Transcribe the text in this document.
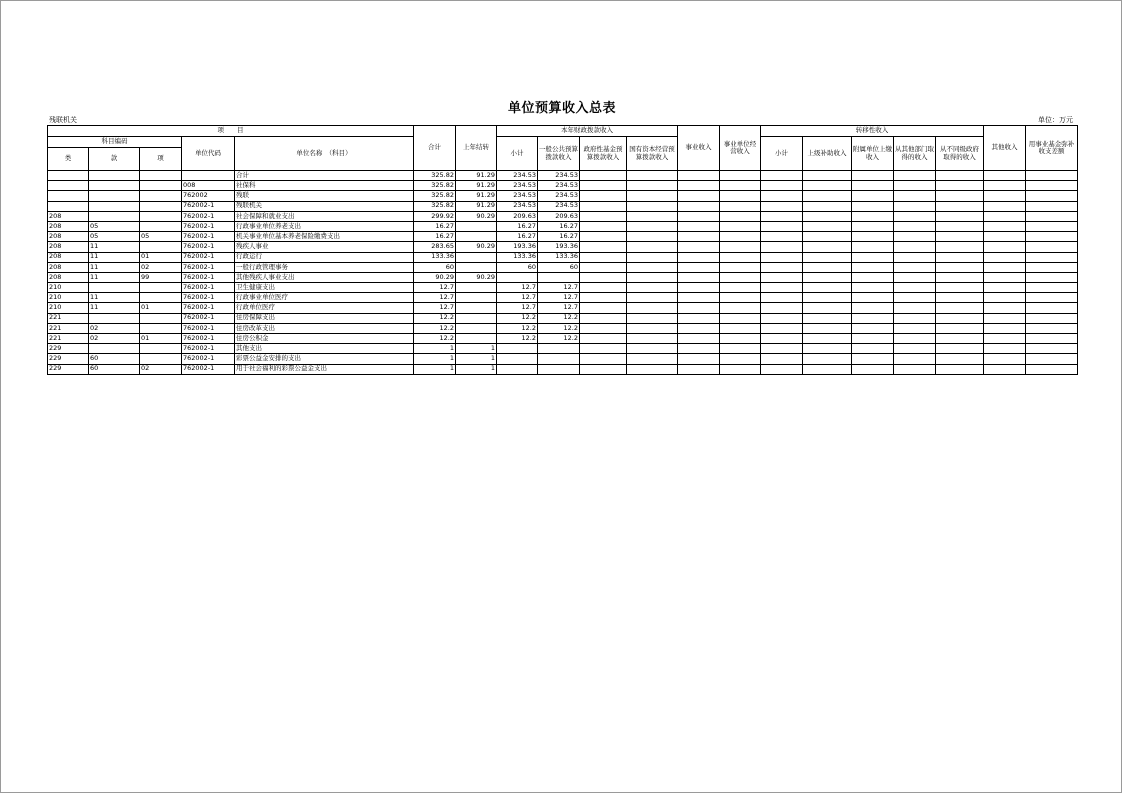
单位预算收入总表
残联机关	单位：万元
项　　目					合计	上年结转	本年财政拨款收入				事业收入	事业单位经营收入	转移性收入					其他收入	用事业基金弥补收支差额
科目编码			单位代码	单位名称　（科目）			小计	一般公共预算拨款收入	政府性基金预算拨款收入	国有资本经营预算拨款收入			小计	上级补助收入	附属单位上缴收入	从其他部门取得的收入	从不同级政府取得的收入		
类	款	项																	
				合计	325.82	91.29	234.53	234.53											
			008	社保科	325.82	91.29	234.53	234.53											
			762002	残联	325.82	91.29	234.53	234.53											
			762002-1	残联机关	325.82	91.29	234.53	234.53											
208			762002-1	社会保障和就业支出	299.92	90.29	209.63	209.63											
208	05		762002-1	行政事业单位养老支出	16.27		16.27	16.27											
208	05	05	762002-1	机关事业单位基本养老保险缴费支出	16.27		16.27	16.27											
208	11		762002-1	残疾人事业	283.65	90.29	193.36	193.36											
208	11	01	762002-1	行政运行	133.36		133.36	133.36											
208	11	02	762002-1	一般行政管理事务	60		60	60											
208	11	99	762002-1	其他残疾人事业支出	90.29	90.29													
210			762002-1	卫生健康支出	12.7		12.7	12.7											
210	11		762002-1	行政事业单位医疗	12.7		12.7	12.7											
210	11	01	762002-1	行政单位医疗	12.7		12.7	12.7											
221			762002-1	住房保障支出	12.2		12.2	12.2											
221	02		762002-1	住房改革支出	12.2		12.2	12.2											
221	02	01	762002-1	住房公积金	12.2		12.2	12.2											
229			762002-1	其他支出	1	1													
229	60		762002-1	彩票公益金安排的支出	1	1													
229	60	02	762002-1	用于社会福利的彩票公益金支出	1	1													
